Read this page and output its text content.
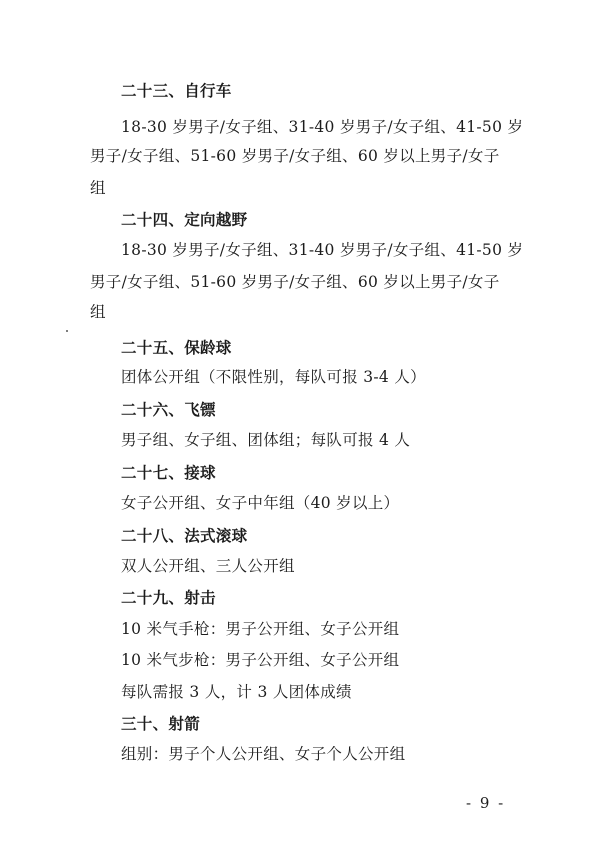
二十三、自行车
18-30 岁男子/女子组、31-40 岁男子/女子组、41-50 岁
男子/女子组、51-60 岁男子/女子组、60 岁以上男子/女子
组
二十四、定向越野
18-30 岁男子/女子组、31-40 岁男子/女子组、41-50 岁
男子/女子组、51-60 岁男子/女子组、60 岁以上男子/女子
组
二十五、保龄球
团体公开组（不限性别，每队可报 3-4 人）
二十六、飞镖
男子组、女子组、团体组；每队可报 4 人
二十七、接球
女子公开组、女子中年组（40 岁以上）
二十八、法式滚球
双人公开组、三人公开组
二十九、射击
10 米气手枪：男子公开组、女子公开组
10 米气步枪：男子公开组、女子公开组
每队需报 3 人，计 3 人团体成绩
三十、射箭
组别：男子个人公开组、女子个人公开组
- 9 -
